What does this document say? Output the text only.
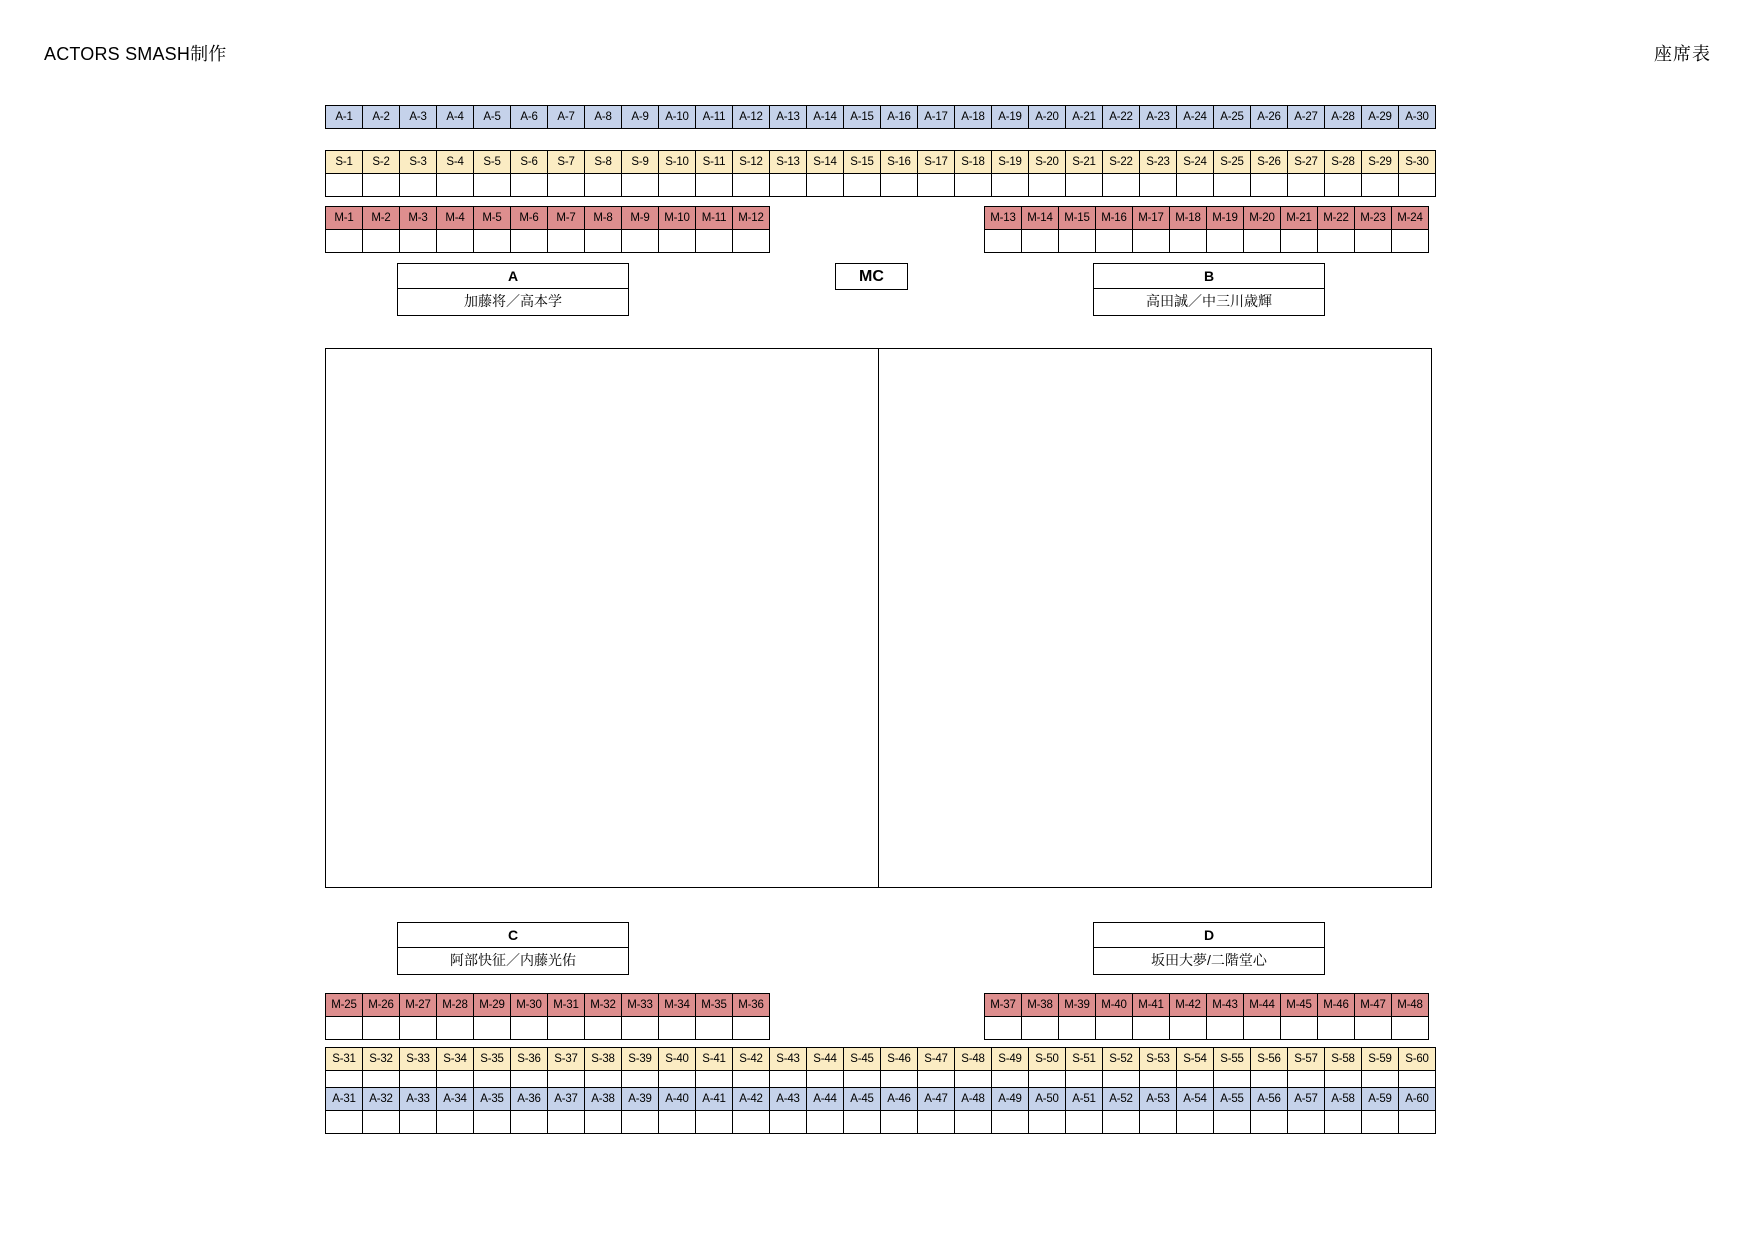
ACTORS SMASH制作	座席表
A-1	A-2	A-3	A-4	A-5	A-6	A-7	A-8	A-9	A-10	A-11	A-12	A-13	A-14	A-15	A-16	A-17	A-18	A-19	A-20	A-21	A-22	A-23	A-24	A-25	A-26	A-27	A-28	A-29	A-30
S-1	S-2	S-3	S-4	S-5	S-6	S-7	S-8	S-9	S-10	S-11	S-12	S-13	S-14	S-15	S-16	S-17	S-18	S-19	S-20	S-21	S-22	S-23	S-24	S-25	S-26	S-27	S-28	S-29	S-30
M-1	M-2	M-3	M-4	M-5	M-6	M-7	M-8	M-9	M-10	M-11	M-12	M-13	M-14	M-15	M-16	M-17	M-18	M-19	M-20	M-21	M-22	M-23	M-24
A
加藤将／高本学
MC	B
高田誠／中三川歳輝
C
阿部快征／内藤光佑
D
坂田大夢/二階堂心
M-25	M-26	M-27	M-28	M-29	M-30	M-31	M-32	M-33	M-34	M-35	M-36	M-37	M-38	M-39	M-40	M-41	M-42	M-43	M-44	M-45	M-46	M-47	M-48
S-31	S-32	S-33	S-34	S-35	S-36	S-37	S-38	S-39	S-40	S-41	S-42	S-43	S-44	S-45	S-46	S-47	S-48	S-49	S-50	S-51	S-52	S-53	S-54	S-55	S-56	S-57	S-58	S-59	S-60
A-31	A-32	A-33	A-34	A-35	A-36	A-37	A-38	A-39	A-40	A-41	A-42	A-43	A-44	A-45	A-46	A-47	A-48	A-49	A-50	A-51	A-52	A-53	A-54	A-55	A-56	A-57	A-58	A-59	A-60
